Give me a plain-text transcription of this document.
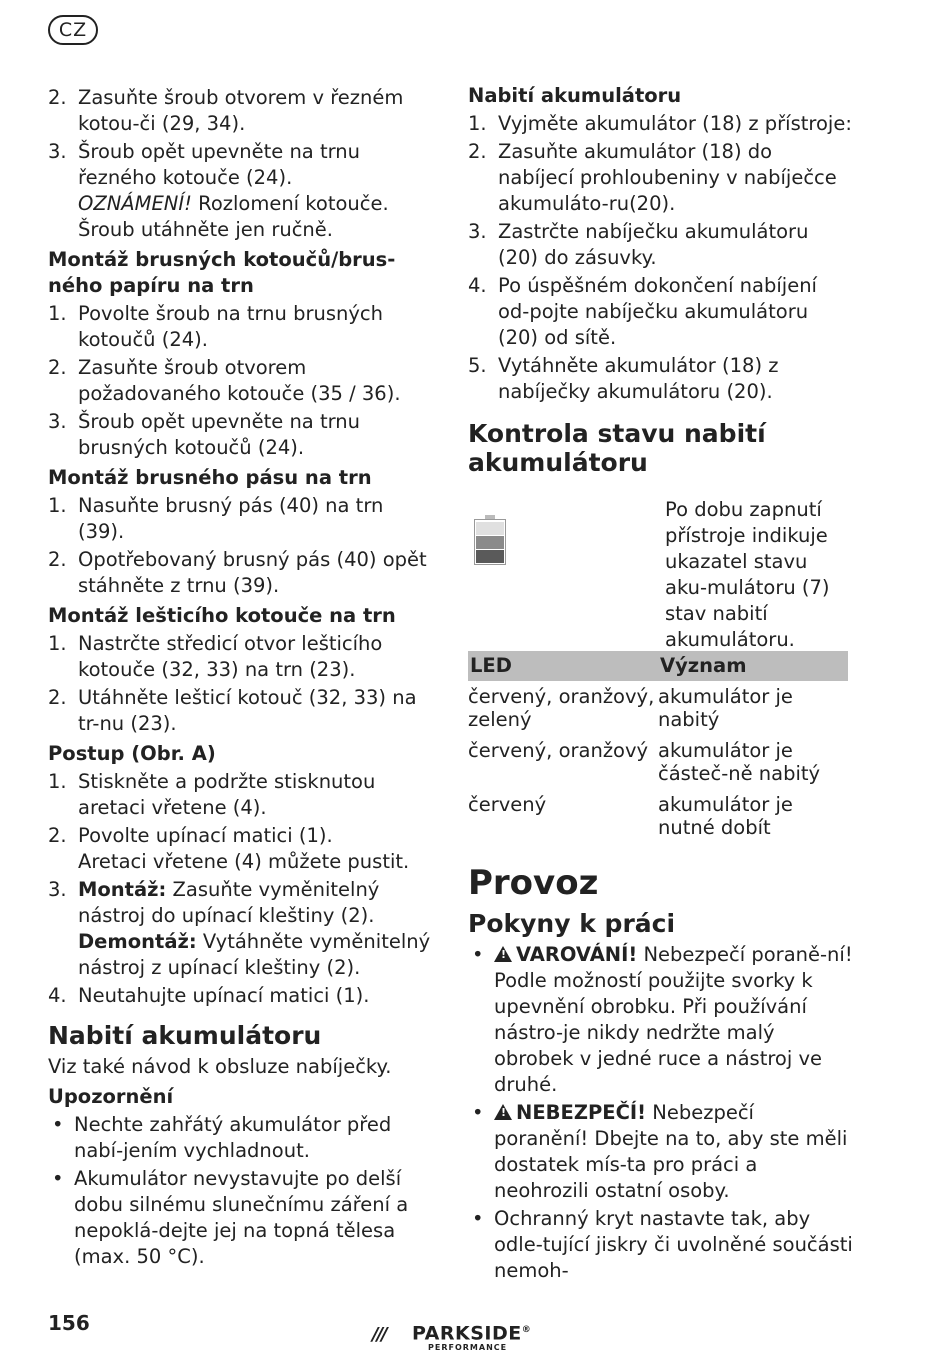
CZ
2. Zasuňte šroub otvorem v řezném kotou-či (29, 34).
3. Šroub opět upevněte na trnu řezného kotouče (24).
OZNÁMENÍ! Rozlomení kotouče. Šroub utáhněte jen ručně.
Montáž brusných kotoučů/brus-ného papíru na trn
1. Povolte šroub na trnu brusných kotoučů (24).
2. Zasuňte šroub otvorem požadovaného kotouče (35 / 36).
3. Šroub opět upevněte na trnu brusných kotoučů (24).
Montáž brusného pásu na trn
1. Nasuňte brusný pás (40) na trn (39).
2. Opotřebovaný brusný pás (40) opět stáhněte z trnu (39).
Montáž lešticího kotouče na trn
1. Nastrčte středicí otvor lešticího kotouče (32, 33) na trn (23).
2. Utáhněte lešticí kotouč (32, 33) na tr-nu (23).
Postup (Obr. A)
1. Stiskněte a podržte stisknutou aretaci vřetene (4).
2. Povolte upínací matici (1).
Aretaci vřetene (4) můžete pustit.
3. Montáž: Zasuňte vyměnitelný nástroj do upínací kleštiny (2).
Demontáž: Vytáhněte vyměnitelný nástroj z upínací kleštiny (2).
4. Neutahujte upínací matici (1).
Nabití akumulátoru
Viz také návod k obsluze nabíječky.
Upozornění
• Nechte zahřátý akumulátor před nabí-jením vychladnout.
• Akumulátor nevystavujte po delší dobu silnému slunečnímu záření a nepoklá-dejte jej na topná tělesa (max. 50 °C).
Nabití akumulátoru
1. Vyjměte akumulátor (18) z přístroje:
2. Zasuňte akumulátor (18) do nabíjecí prohloubeniny v nabíječce akumuláto-ru(20).
3. Zastrčte nabíječku akumulátoru (20) do zásuvky.
4. Po úspěšném dokončení nabíjení od-pojte nabíječku akumulátoru (20) od sítě.
5. Vytáhněte akumulátor (18) z nabíječky akumulátoru (20).
Kontrola stavu nabití akumulátoru
Po dobu zapnutí přístroje indikuje ukazatel stavu aku-mulátoru (7) stav nabití akumulátoru.
LED	Význam
červený, oranžový, zelený	akumulátor je nabitý
červený, oranžový	akumulátor je částeč-ně nabitý
červený	akumulátor je nutné dobít
Provoz
Pokyny k práci
• ! VAROVÁNÍ! Nebezpečí poraně-ní! Podle možností použijte svorky k upevnění obrobku. Při používání nástro-je nikdy nedržte malý obrobek v jedné ruce a nástroj ve druhé.
• ! NEBEZPEČÍ! Nebezpečí poranění! Dbejte na to, aby ste měli dostatek mís-ta pro práci a neohrozili ostatní osoby.
• Ochranný kryt nastavte tak, aby odle-tující jiskry či uvolněné součásti nemoh-
156	/// PARKSIDE®
PERFORMANCE
